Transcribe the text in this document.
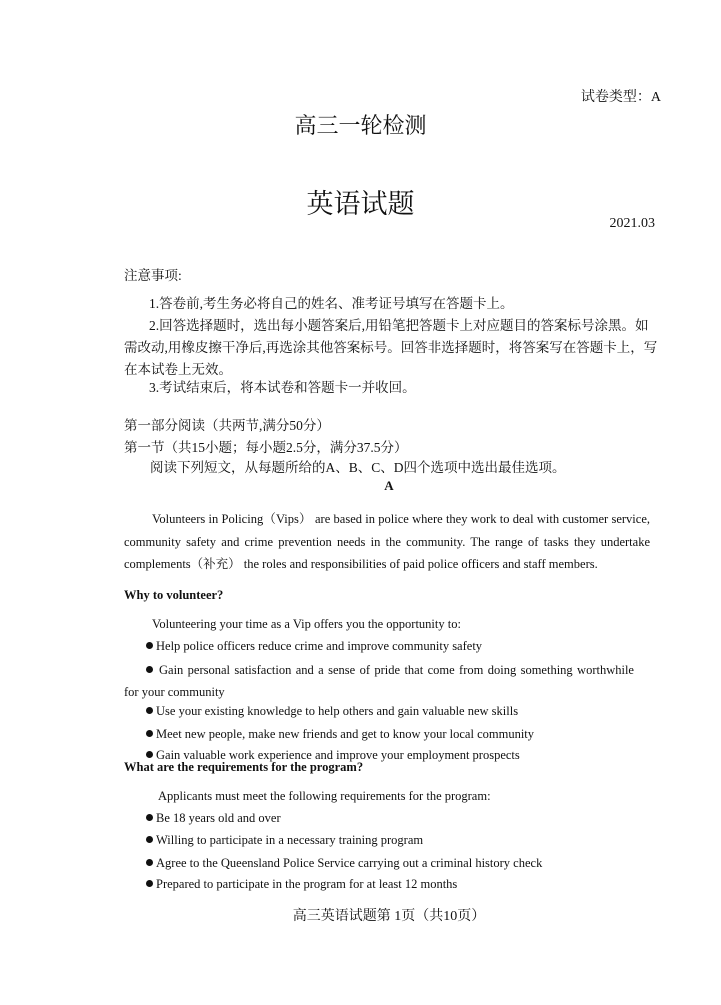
试卷类型：A
高三一轮检测
英语试题
2021.03
注意事项:
1.答卷前,考生务必将自己的姓名、准考证号填写在答题卡上。
2.回答选择题时，选出每小题答案后,用铅笔把答题卡上对应题目的答案标号涂黑。如需改动,用橡皮擦干净后,再选涂其他答案标号。回答非选择题时，将答案写在答题卡上，写在本试卷上无效。
3.考试结束后，将本试卷和答题卡一并收回。
第一部分阅读（共两节,满分50分）
第一节（共15小题；每小题2.5分，满分37.5分）
阅读下列短文，从每题所给的A、B、C、D四个选项中选出最佳选项。
A
Volunteers in Policing（Vips） are based in police where they work to deal with customer service, community safety and crime prevention needs in the community. The range of tasks they undertake complements（补充） the roles and responsibilities of paid police officers and staff members.
Why to volunteer?
Volunteering your time as a Vip offers you the opportunity to:
Help police officers reduce crime and improve community safety
Gain personal satisfaction and a sense of pride that come from doing something worthwhile for your community
Use your existing knowledge to help others and gain valuable new skills
Meet new people, make new friends and get to know your local community
Gain valuable work experience and improve your employment prospects
What are the requirements for the program?
Applicants must meet the following requirements for the program:
Be 18 years old and over
Willing to participate in a necessary training program
Agree to the Queensland Police Service carrying out a criminal history check
Prepared to participate in the program for at least 12 months
高三英语试题第 1页（共10页）
